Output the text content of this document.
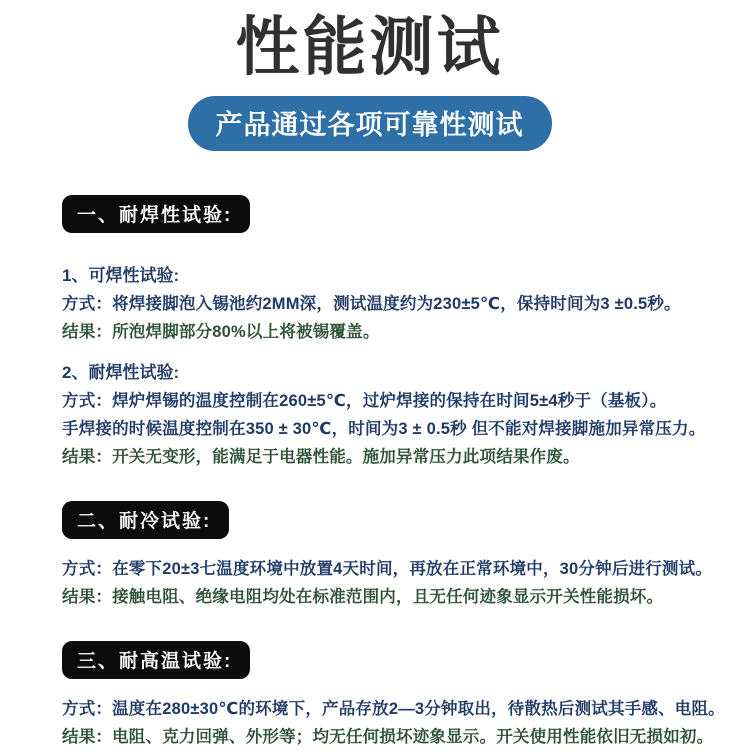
性能测试
产品通过各项可靠性测试
一、耐焊性试验:
1、可焊性试验:
方式：将焊接脚泡入锡池约2MM深，测试温度约为230±5℃，保持时间为3 ±0.5秒。
结果：所泡焊脚部分80%以上将被锡覆盖。
2、耐焊性试验:
方式：焊炉焊锡的温度控制在260±5℃，过炉焊接的保持在时间5±4秒于（基板）。
手焊接的时候温度控制在350 ± 30℃，时间为3 ± 0.5秒 但不能对焊接脚施加异常压力。
结果：开关无变形，能满足于电器性能。施加异常压力此项结果作废。
二、耐冷试验:
方式：在零下20±3七温度环境中放置4天时间，再放在正常环境中，30分钟后进行测试。
结果：接触电阻、绝缘电阻均处在标准范围内，且无任何迹象显示开关性能损坏。
三、耐高温试验:
方式：温度在280±30℃的环境下，产品存放2—3分钟取出，待散热后测试其手感、电阻。
结果：电阻、克力回弹、外形等；均无任何损坏迹象显示。开关使用性能依旧无损如初。
